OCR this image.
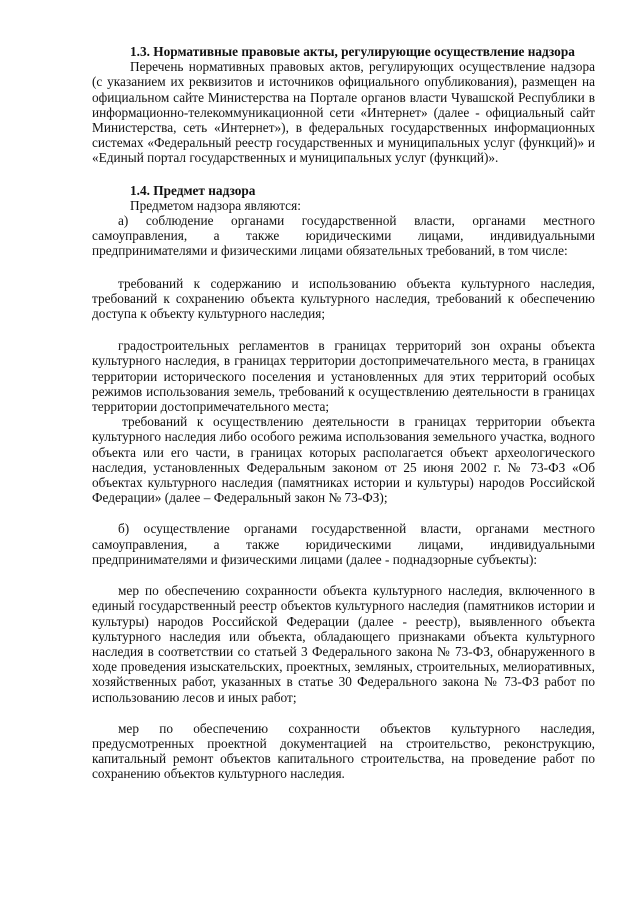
1.3. Нормативные правовые акты, регулирующие осуществление надзора

Перечень нормативных правовых актов, регулирующих осуществление надзора (с указанием их реквизитов и источников официального опубликования), размещен на официальном сайте Министерства на Портале органов власти Чувашской Республики в информационно-телекоммуникационной сети «Интернет» (далее - официальный сайт Министерства, сеть «Интернет»), в федеральных государственных информационных системах «Федеральный реестр государственных и муниципальных услуг (функций)» и «Единый портал государственных и муниципальных услуг (функций)».

1.4. Предмет надзора

Предметом надзора являются:

а) соблюдение органами государственной власти, органами местного самоуправления, а также юридическими лицами, индивидуальными предпринимателями и физическими лицами обязательных требований, в том числе:

требований к содержанию и использованию объекта культурного наследия, требований к сохранению объекта культурного наследия, требований к обеспечению доступа к объекту культурного наследия;

градостроительных регламентов в границах территорий зон охраны объекта культурного наследия, в границах территории достопримечательного места, в границах территории исторического поселения и установленных для этих территорий особых режимов использования земель, требований к осуществлению деятельности в границах территории достопримечательного места;

требований к осуществлению деятельности в границах территории объекта культурного наследия либо особого режима использования земельного участка, водного объекта или его части, в границах которых располагается объект археологического наследия, установленных Федеральным законом от 25 июня 2002 г. № 73-ФЗ «Об объектах культурного наследия (памятниках истории и культуры) народов Российской Федерации» (далее – Федеральный закон № 73-ФЗ);

б) осуществление органами государственной власти, органами местного самоуправления, а также юридическими лицами, индивидуальными предпринимателями и физическими лицами (далее - поднадзорные субъекты):

мер по обеспечению сохранности объекта культурного наследия, включенного в единый государственный реестр объектов культурного наследия (памятников истории и культуры) народов Российской Федерации (далее - реестр), выявленного объекта культурного наследия или объекта, обладающего признаками объекта культурного наследия в соответствии со статьей 3 Федерального закона № 73-ФЗ, обнаруженного в ходе проведения изыскательских, проектных, земляных, строительных, мелиоративных, хозяйственных работ, указанных в статье 30 Федерального закона № 73-ФЗ работ по использованию лесов и иных работ;

мер по обеспечению сохранности объектов культурного наследия, предусмотренных проектной документацией на строительство, реконструкцию, капитальный ремонт объектов капитального строительства, на проведение работ по сохранению объектов культурного наследия.
